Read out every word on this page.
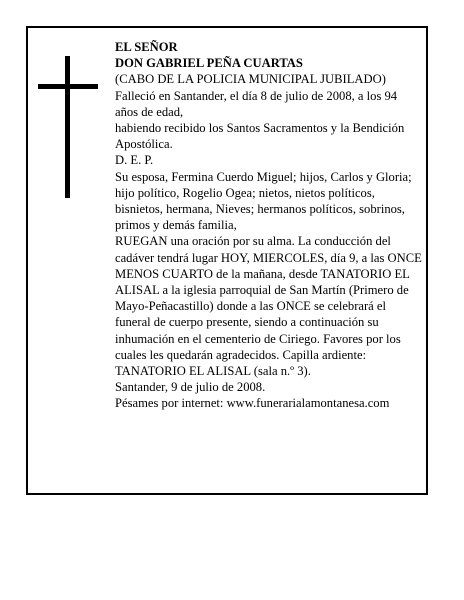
EL SEÑOR

DON GABRIEL PEÑA CUARTAS

(CABO DE LA POLICIA MUNICIPAL JUBILADO)

Falleció en Santander, el día 8 de julio de 2008, a los 94 años de edad,

habiendo recibido los Santos Sacramentos y la Bendición Apostólica.

D. E. P.

Su esposa, Fermina Cuerdo Miguel; hijos, Carlos y Gloria; hijo político, Rogelio Ogea; nietos, nietos políticos, bisnietos, hermana, Nieves; hermanos políticos, sobrinos, primos y demás familia,

RUEGAN una oración por su alma. La conducción del cadáver tendrá lugar HOY, MIERCOLES, día 9, a las ONCE MENOS CUARTO de la mañana, desde TANATORIO EL ALISAL a la iglesia parroquial de San Martín (Primero de Mayo-Peñacastillo) donde a las ONCE se celebrará el funeral de cuerpo presente, siendo a continuación su inhumación en el cementerio de Ciriego. Favores por los cuales les quedarán agradecidos. Capilla ardiente: TANATORIO EL ALISAL (sala n.º 3).

Santander, 9 de julio de 2008.

Pésames por internet: www.funerarialamontanesa.com
